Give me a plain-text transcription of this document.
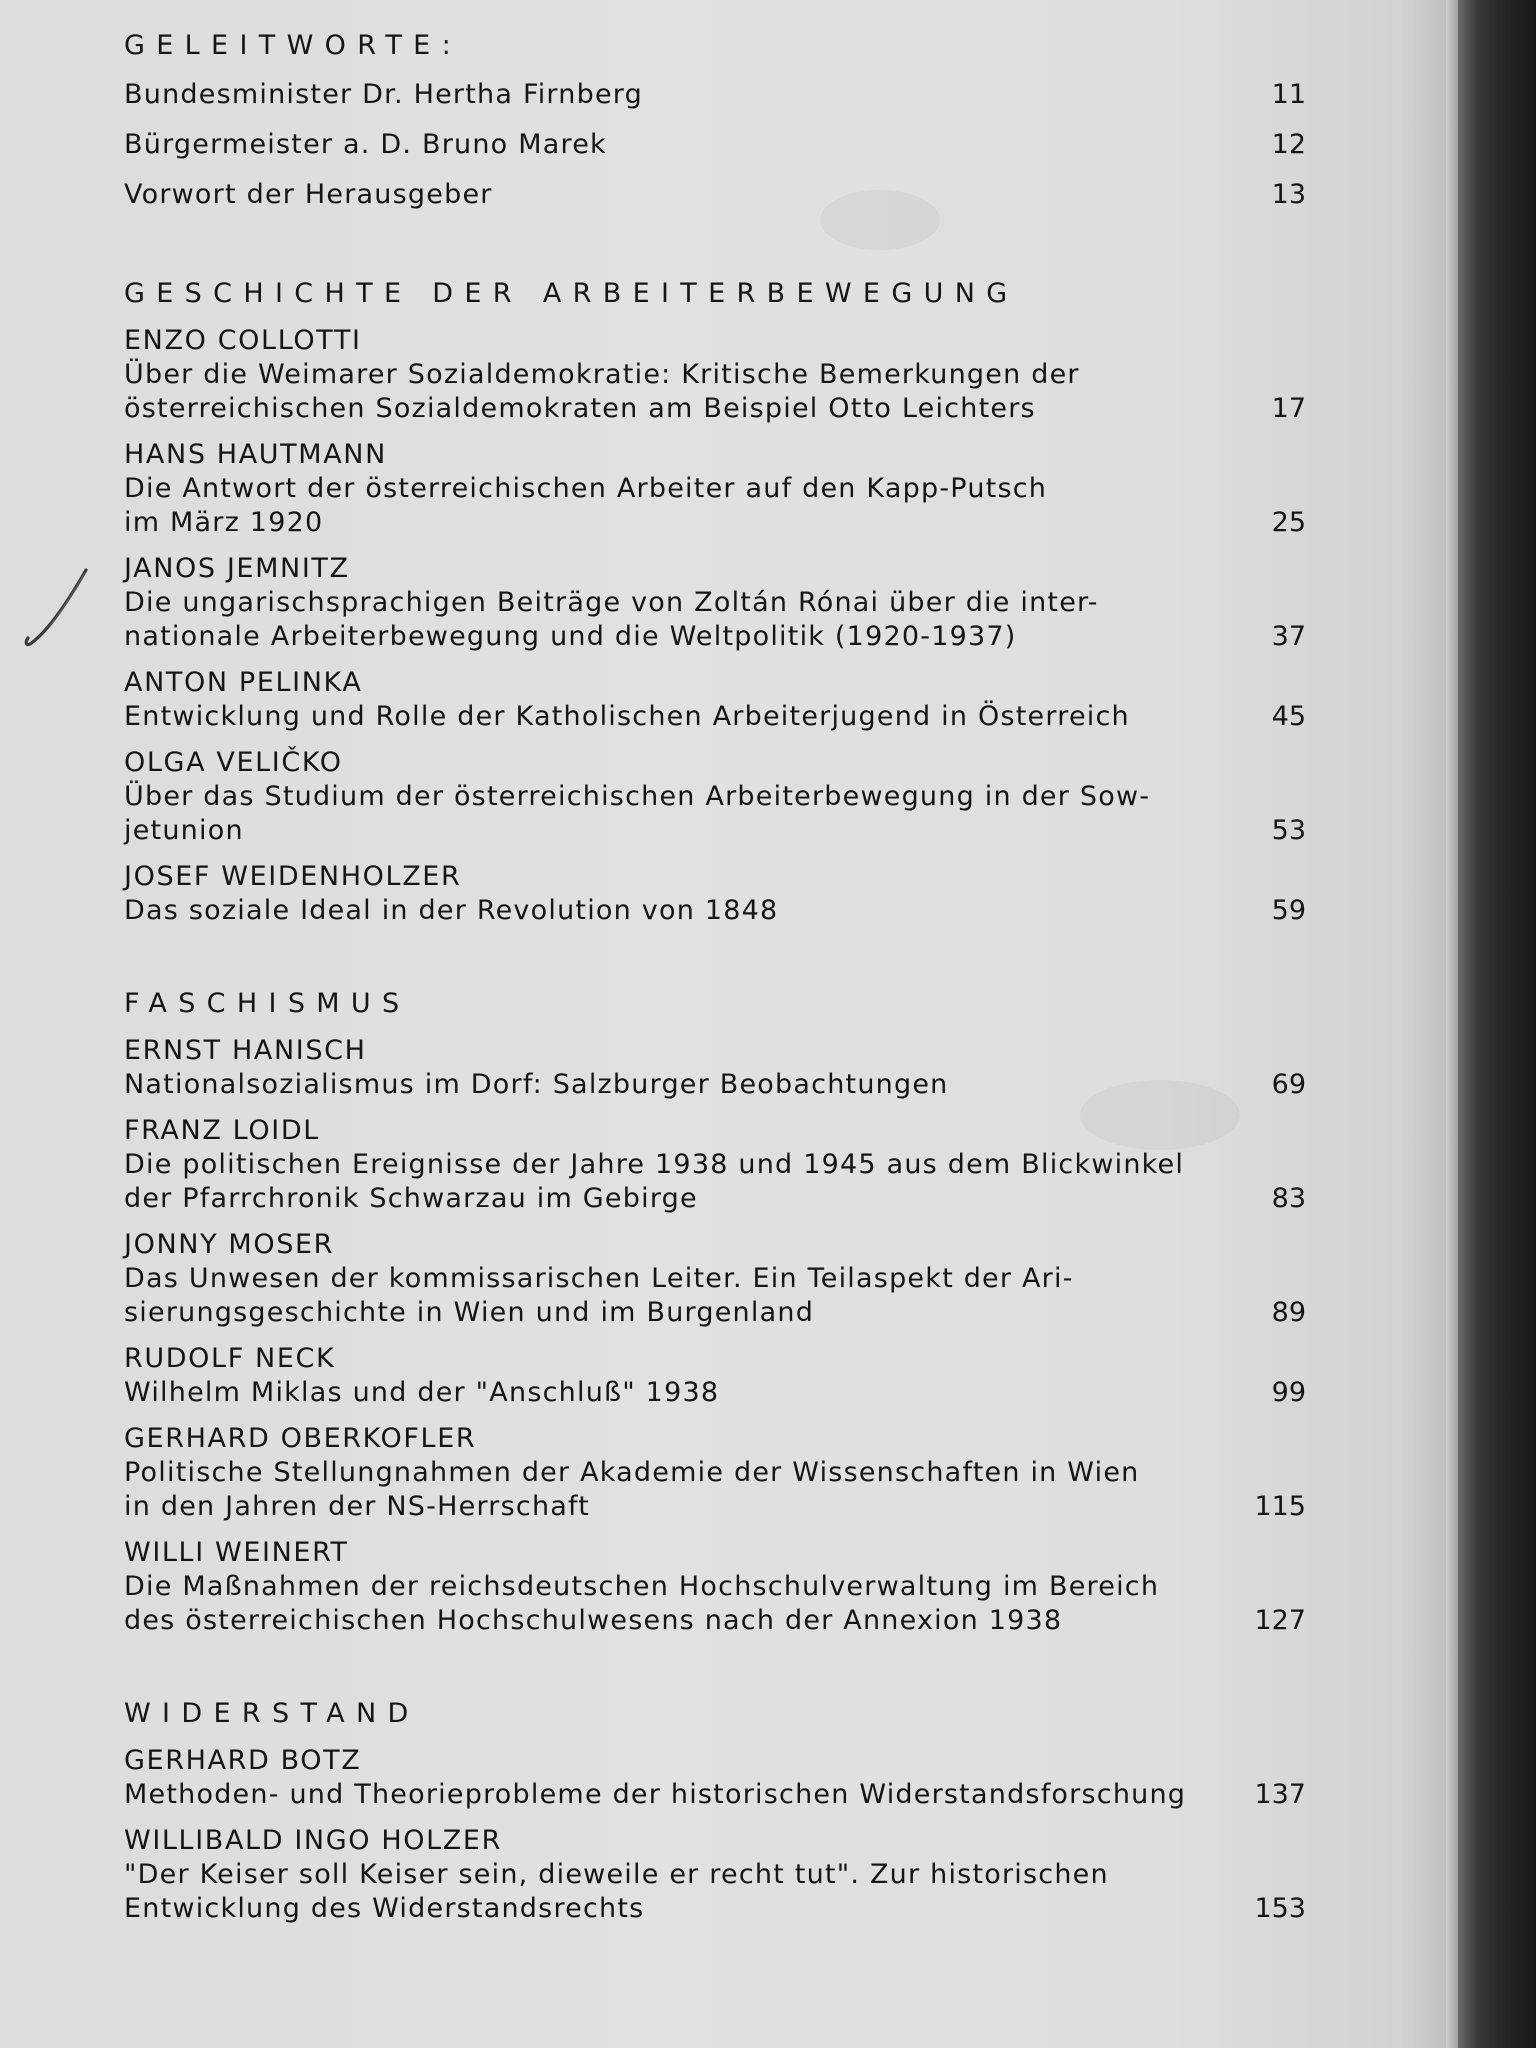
GELEITWORTE:
Bundesminister Dr. Hertha Firnberg	11
Bürgermeister a. D. Bruno Marek	12
Vorwort der Herausgeber	13
GESCHICHTE DER ARBEITERBEWEGUNG
ENZO COLLOTTI
Über die Weimarer Sozialdemokratie: Kritische Bemerkungen der
österreichischen Sozialdemokraten am Beispiel Otto Leichters	17
HANS HAUTMANN
Die Antwort der österreichischen Arbeiter auf den Kapp-Putsch
im März 1920	25
JANOS JEMNITZ
Die ungarischsprachigen Beiträge von Zoltán Rónai über die inter-
nationale Arbeiterbewegung und die Weltpolitik (1920-1937)	37
ANTON PELINKA
Entwicklung und Rolle der Katholischen Arbeiterjugend in Österreich	45
OLGA VELIČKO
Über das Studium der österreichischen Arbeiterbewegung in der Sow-
jetunion	53
JOSEF WEIDENHOLZER
Das soziale Ideal in der Revolution von 1848	59
FASCHISMUS
ERNST HANISCH
Nationalsozialismus im Dorf: Salzburger Beobachtungen	69
FRANZ LOIDL
Die politischen Ereignisse der Jahre 1938 und 1945 aus dem Blickwinkel
der Pfarrchronik Schwarzau im Gebirge	83
JONNY MOSER
Das Unwesen der kommissarischen Leiter. Ein Teilaspekt der Ari-
sierungsgeschichte in Wien und im Burgenland	89
RUDOLF NECK
Wilhelm Miklas und der "Anschluß" 1938	99
GERHARD OBERKOFLER
Politische Stellungnahmen der Akademie der Wissenschaften in Wien
in den Jahren der NS-Herrschaft	115
WILLI WEINERT
Die Maßnahmen der reichsdeutschen Hochschulverwaltung im Bereich
des österreichischen Hochschulwesens nach der Annexion 1938	127
WIDERSTAND
GERHARD BOTZ
Methoden- und Theorieprobleme der historischen Widerstandsforschung	137
WILLIBALD INGO HOLZER
"Der Keiser soll Keiser sein, dieweile er recht tut". Zur historischen
Entwicklung des Widerstandsrechts	153
